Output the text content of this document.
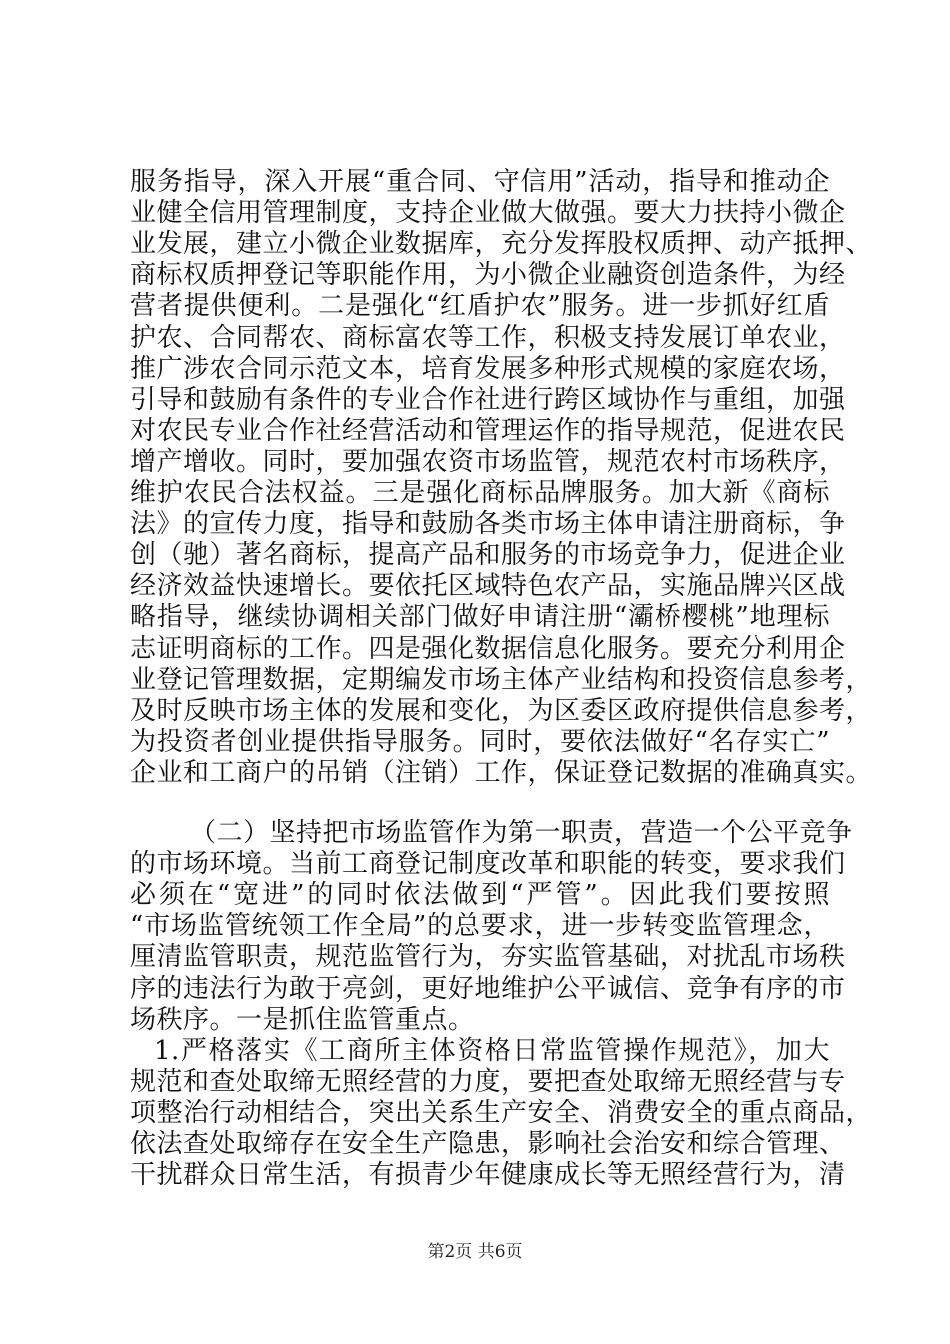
服务指导，深入开展“重合同、守信用”活动，指导和推动企
业健全信用管理制度，支持企业做大做强。要大力扶持小微企
业发展，建立小微企业数据库，充分发挥股权质押、动产抵押、
商标权质押登记等职能作用，为小微企业融资创造条件，为经
营者提供便利。二是强化“红盾护农”服务。进一步抓好红盾
护农、合同帮农、商标富农等工作，积极支持发展订单农业，
推广涉农合同示范文本，培育发展多种形式规模的家庭农场，
引导和鼓励有条件的专业合作社进行跨区域协作与重组，加强
对农民专业合作社经营活动和管理运作的指导规范，促进农民
增产增收。同时，要加强农资市场监管，规范农村市场秩序，
维护农民合法权益。三是强化商标品牌服务。加大新《商标
法》的宣传力度，指导和鼓励各类市场主体申请注册商标，争
创（驰）著名商标，提高产品和服务的市场竞争力，促进企业
经济效益快速增长。要依托区域特色农产品，实施品牌兴区战
略指导，继续协调相关部门做好申请注册“灞桥樱桃”地理标
志证明商标的工作。四是强化数据信息化服务。要充分利用企
业登记管理数据，定期编发市场主体产业结构和投资信息参考，
及时反映市场主体的发展和变化，为区委区政府提供信息参考，
为投资者创业提供指导服务。同时，要依法做好“名存实亡”
企业和工商户的吊销（注销）工作，保证登记数据的准确真实。
（二）坚持把市场监管作为第一职责，营造一个公平竞争
的市场环境。当前工商登记制度改革和职能的转变，要求我们
必须在“宽进”的同时依法做到“严管”。因此我们要按照
“市场监管统领工作全局”的总要求，进一步转变监管理念，
厘清监管职责，规范监管行为，夯实监管基础，对扰乱市场秩
序的违法行为敢于亮剑，更好地维护公平诚信、竞争有序的市
场秩序。一是抓住监管重点。
1.严格落实《工商所主体资格日常监管操作规范》，加大
规范和查处取缔无照经营的力度，要把查处取缔无照经营与专
项整治行动相结合，突出关系生产安全、消费安全的重点商品，
依法查处取缔存在安全生产隐患，影响社会治安和综合管理、
干扰群众日常生活，有损青少年健康成长等无照经营行为，清
第2页 共6页
